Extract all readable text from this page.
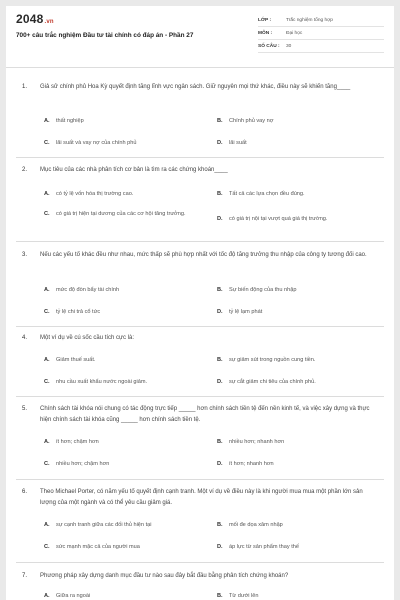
2048.vn
700+ câu trắc nghiệm Đầu tư tài chính có đáp án - Phần 27
LỚP :	Trắc nghiệm tổng hợp
MÔN :	Đại học
SỐ CÂU :	30
1.	Giả sử chính phủ Hoa Kỳ quyết định tăng lĩnh vực ngân sách. Giữ nguyên mọi thứ khác, điều này sẽ khiến tăng____
A.	thất nghiệp	B.	Chính phủ vay nợ
C.	lãi suất và vay nợ của chính phủ	D.	lãi suất
2.	Mục tiêu của các nhà phân tích cơ bản là tìm ra các chứng khoán____
A.	có tỷ lệ vốn hóa thị trường cao.	B.	Tất cả các lựa chọn đều đúng.
C.	có giá trị hiện tại dương của các cơ hội tăng trưởng.
D.	có giá trị nội tại vượt quá giá thị trường.
3.	Nếu các yếu tố khác đều như nhau, mức thấp sẽ phù hợp nhất với tốc độ tăng trưởng thu nhập của công ty tương đối cao.
A.	mức độ đòn bẩy tài chính	B.	Sự biến động của thu nhập
C.	tỷ lệ chi trả cổ tức	D.	tỷ lệ lạm phát
4.	Một ví dụ về cú sốc cầu tích cực là:
A.	Giảm thuế suất.	B.	sự giảm sút trong nguồn cung tiền.
C.	nhu cầu xuất khẩu nước ngoài giảm.	D.	sự cắt giảm chi tiêu của chính phủ.
5.	Chính sách tài khóa nói chung có tác động trực tiếp _____ hơn chính sách tiền tệ đến nền kinh tế, và việc xây dựng và thực hiện chính sách tài khóa cũng _____ hơn chính sách tiền tệ.
A.	ít hơn; chậm hơn	B.	nhiều hơn; nhanh hơn
C.	nhiều hơn; chậm hơn	D.	ít hơn; nhanh hơn
6.	Theo Michael Porter, có năm yếu tố quyết định cạnh tranh. Một ví dụ về điều này là khi người mua mua một phần lớn sản lượng của một ngành và có thể yêu cầu giảm giá.
A.	sự cạnh tranh giữa các đối thủ hiện tại	B.	mối đe dọa xâm nhập
C.	sức mạnh mặc cả của người mua	D.	áp lực từ sản phẩm thay thế
7.	Phương pháp xây dựng danh mục đầu tư nào sau đây bắt đầu bằng phân tích chứng khoán?
A.	Giữa ra ngoài	B.	Từ dưới lên
